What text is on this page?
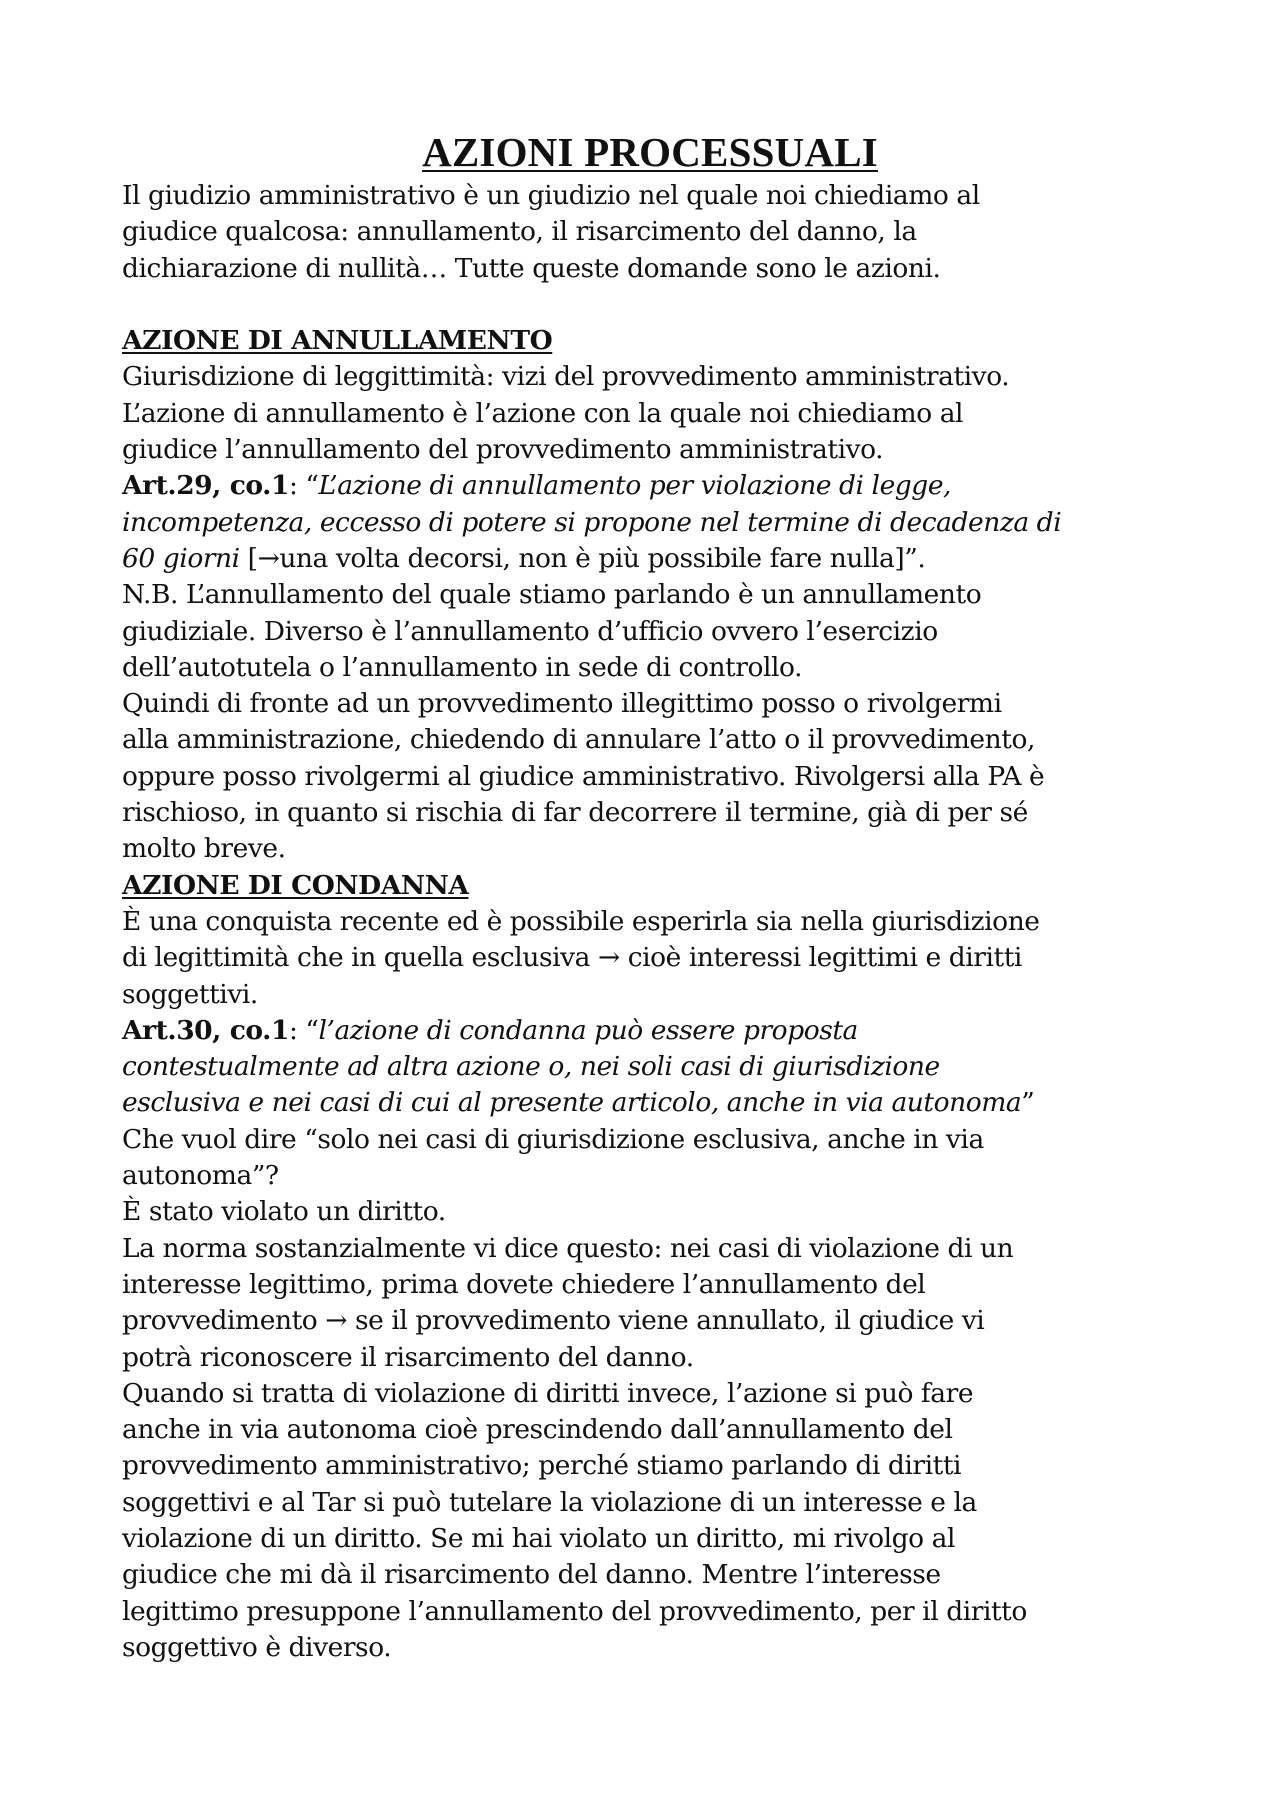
AZIONI PROCESSUALI
Il giudizio amministrativo è un giudizio nel quale noi chiediamo al
giudice qualcosa: annullamento, il risarcimento del danno, la
dichiarazione di nullità… Tutte queste domande sono le azioni.
AZIONE DI ANNULLAMENTO
Giurisdizione di leggittimità: vizi del provvedimento amministrativo.
L’azione di annullamento è l’azione con la quale noi chiediamo al
giudice l’annullamento del provvedimento amministrativo.
Art.29, co.1: “L’azione di annullamento per violazione di legge,
incompetenza, eccesso di potere si propone nel termine di decadenza di
60 giorni [→una volta decorsi, non è più possibile fare nulla]”.
N.B. L’annullamento del quale stiamo parlando è un annullamento
giudiziale. Diverso è l’annullamento d’ufficio ovvero l’esercizio
dell’autotutela o l’annullamento in sede di controllo.
Quindi di fronte ad un provvedimento illegittimo posso o rivolgermi
alla amministrazione, chiedendo di annulare l’atto o il provvedimento,
oppure posso rivolgermi al giudice amministrativo. Rivolgersi alla PA è
rischioso, in quanto si rischia di far decorrere il termine, già di per sé
molto breve.
AZIONE DI CONDANNA
È una conquista recente ed è possibile esperirla sia nella giurisdizione
di legittimità che in quella esclusiva → cioè interessi legittimi e diritti
soggettivi.
Art.30, co.1: “l’azione di condanna può essere proposta
contestualmente ad altra azione o, nei soli casi di giurisdizione
esclusiva e nei casi di cui al presente articolo, anche in via autonoma”
Che vuol dire “solo nei casi di giurisdizione esclusiva, anche in via
autonoma”?
È stato violato un diritto.
La norma sostanzialmente vi dice questo: nei casi di violazione di un
interesse legittimo, prima dovete chiedere l’annullamento del
provvedimento → se il provvedimento viene annullato, il giudice vi
potrà riconoscere il risarcimento del danno.
Quando si tratta di violazione di diritti invece, l’azione si può fare
anche in via autonoma cioè prescindendo dall’annullamento del
provvedimento amministrativo; perché stiamo parlando di diritti
soggettivi e al Tar si può tutelare la violazione di un interesse e la
violazione di un diritto. Se mi hai violato un diritto, mi rivolgo al
giudice che mi dà il risarcimento del danno. Mentre l’interesse
legittimo presuppone l’annullamento del provvedimento, per il diritto
soggettivo è diverso.
